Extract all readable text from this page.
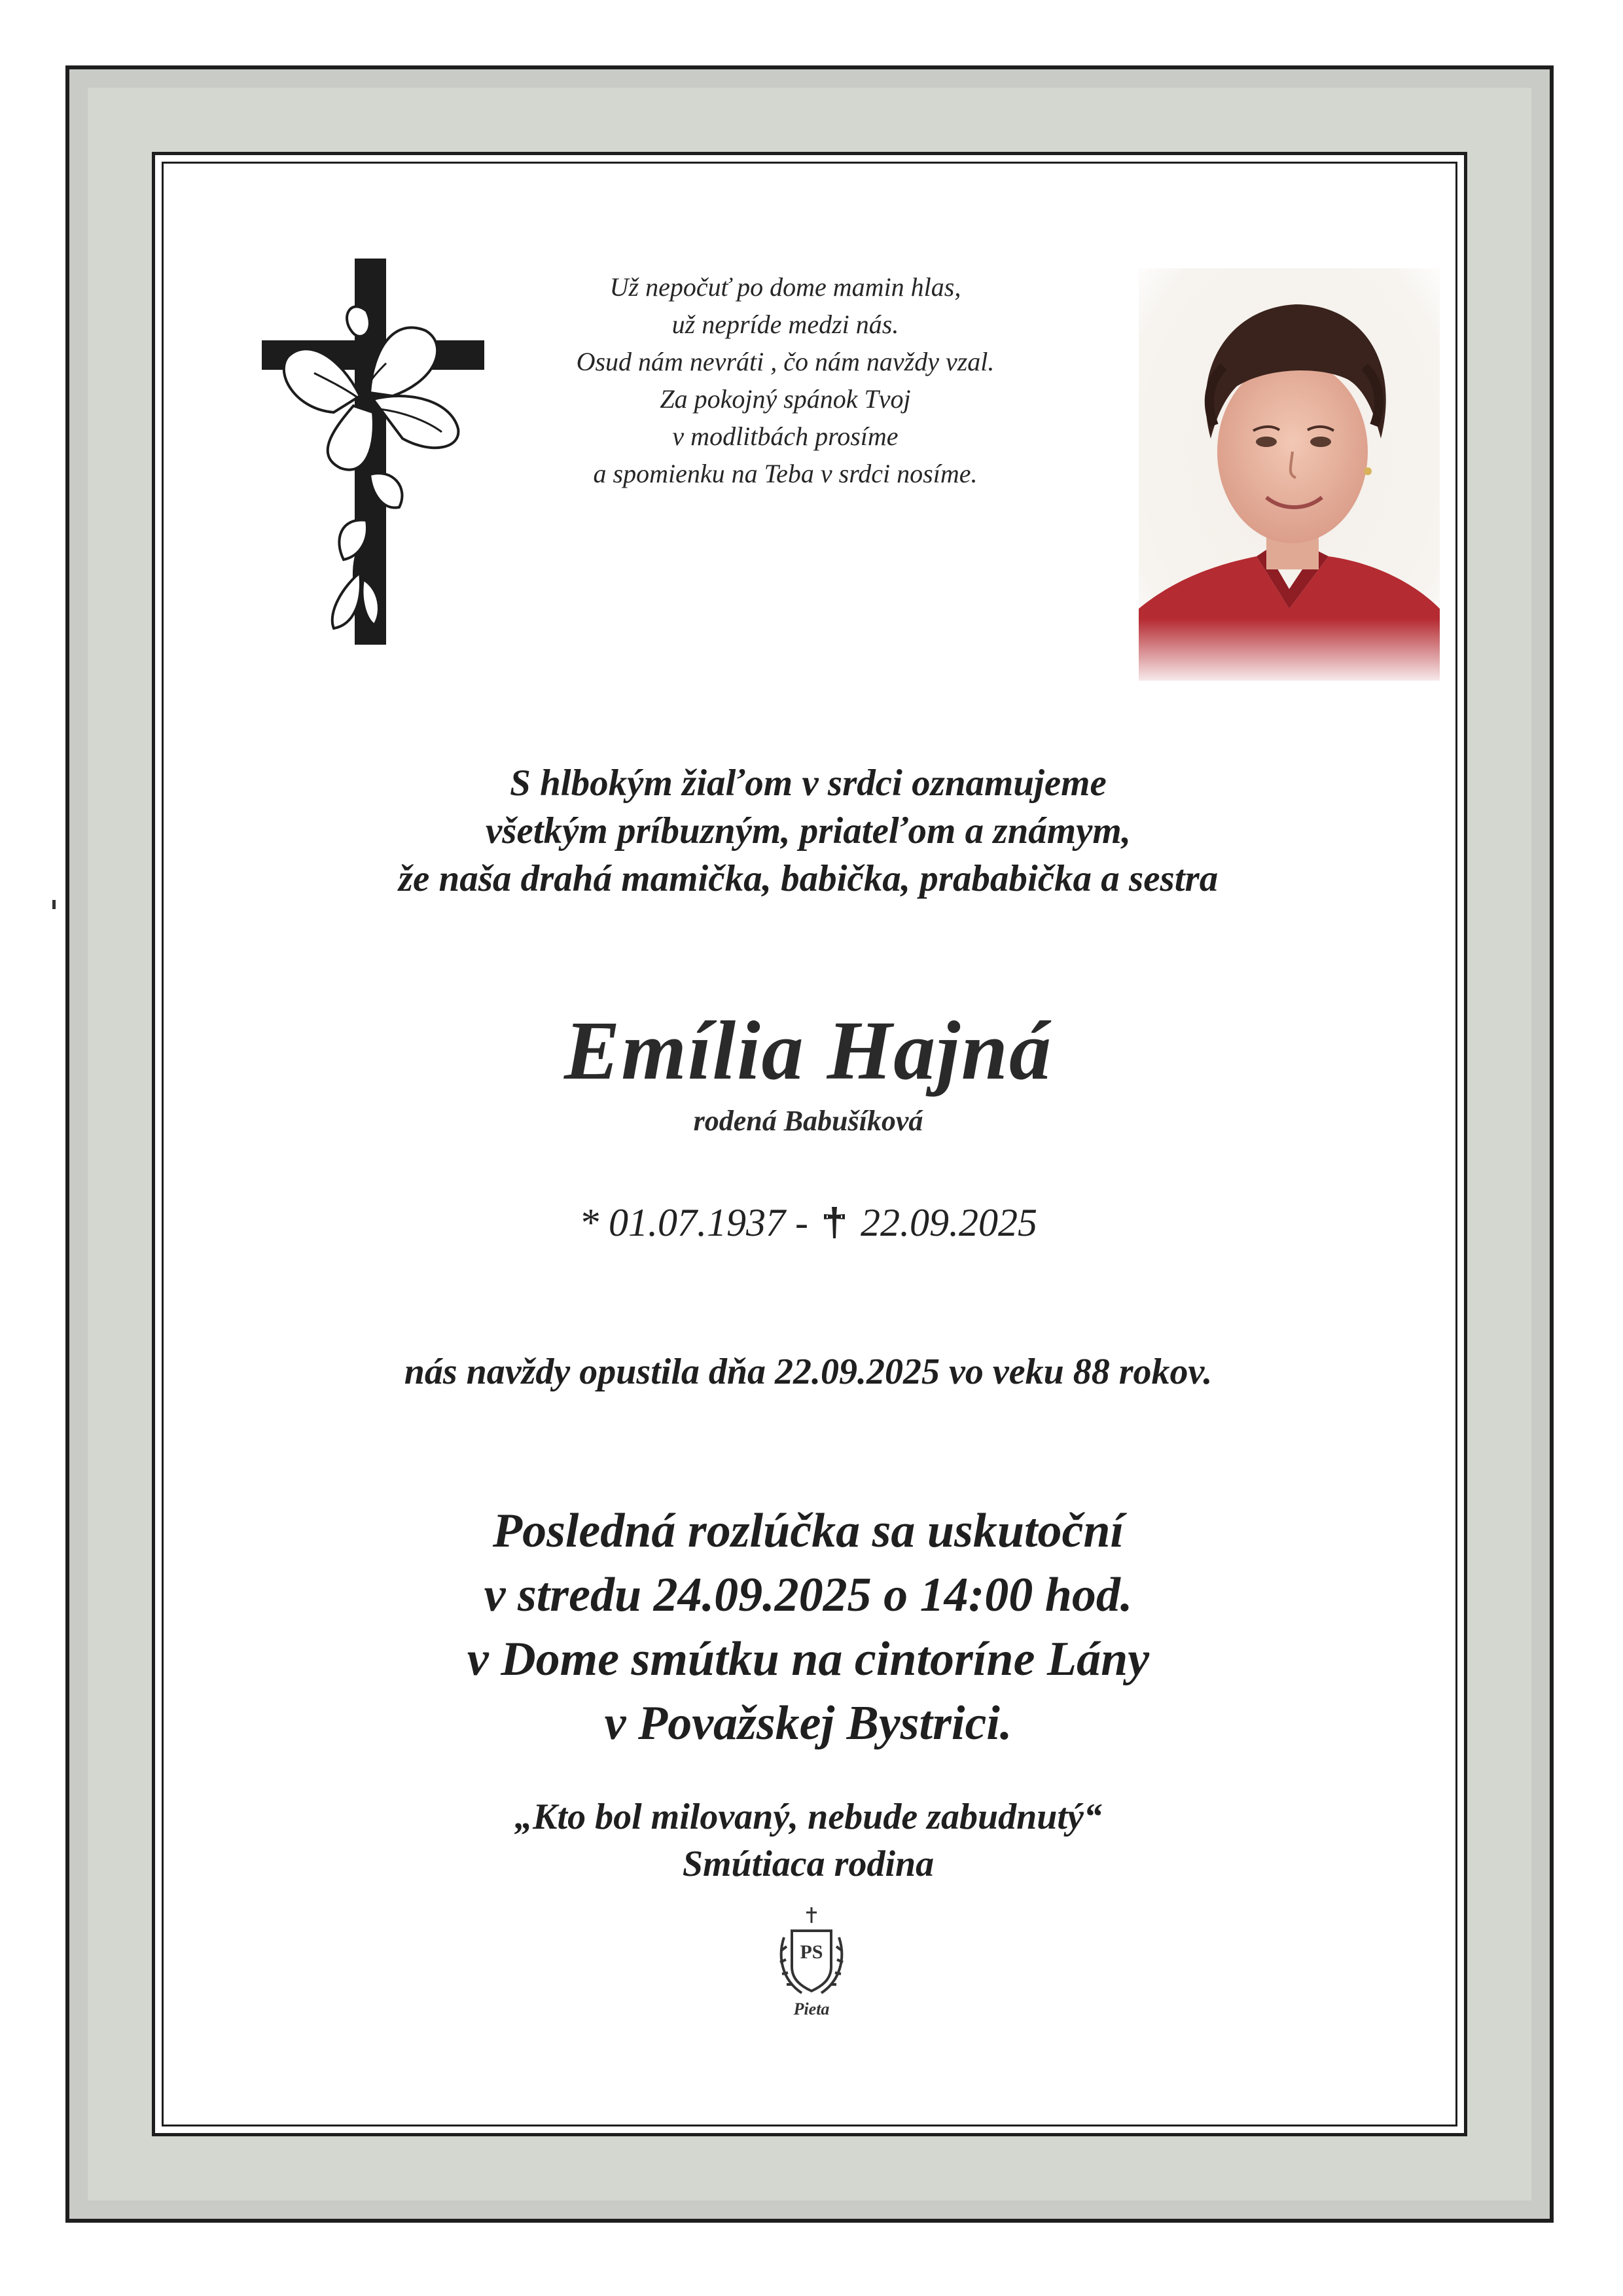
Už nepočuť po dome mamin hlas,
už nepríde medzi nás.
Osud nám nevráti , čo nám navždy vzal.
Za pokojný spánok Tvoj
v modlitbách prosíme
a spomienku na Teba v srdci nosíme.
S hlbokým žiaľom v srdci oznamujeme
všetkým príbuzným, priateľom a známym,
že naša drahá mamička, babička, prababička a sestra
Emília Hajná
rodená Babušíková
* 01.07.1937 - 22.09.2025
nás navždy opustila dňa 22.09.2025 vo veku 88 rokov.
Posledná rozlúčka sa uskutoční
v stredu 24.09.2025 o 14:00 hod.
v Dome smútku na cintoríne Lány
v Považskej Bystrici.
„Kto bol milovaný, nebude zabudnutý“
Smútiaca rodina
PS
Pieta
